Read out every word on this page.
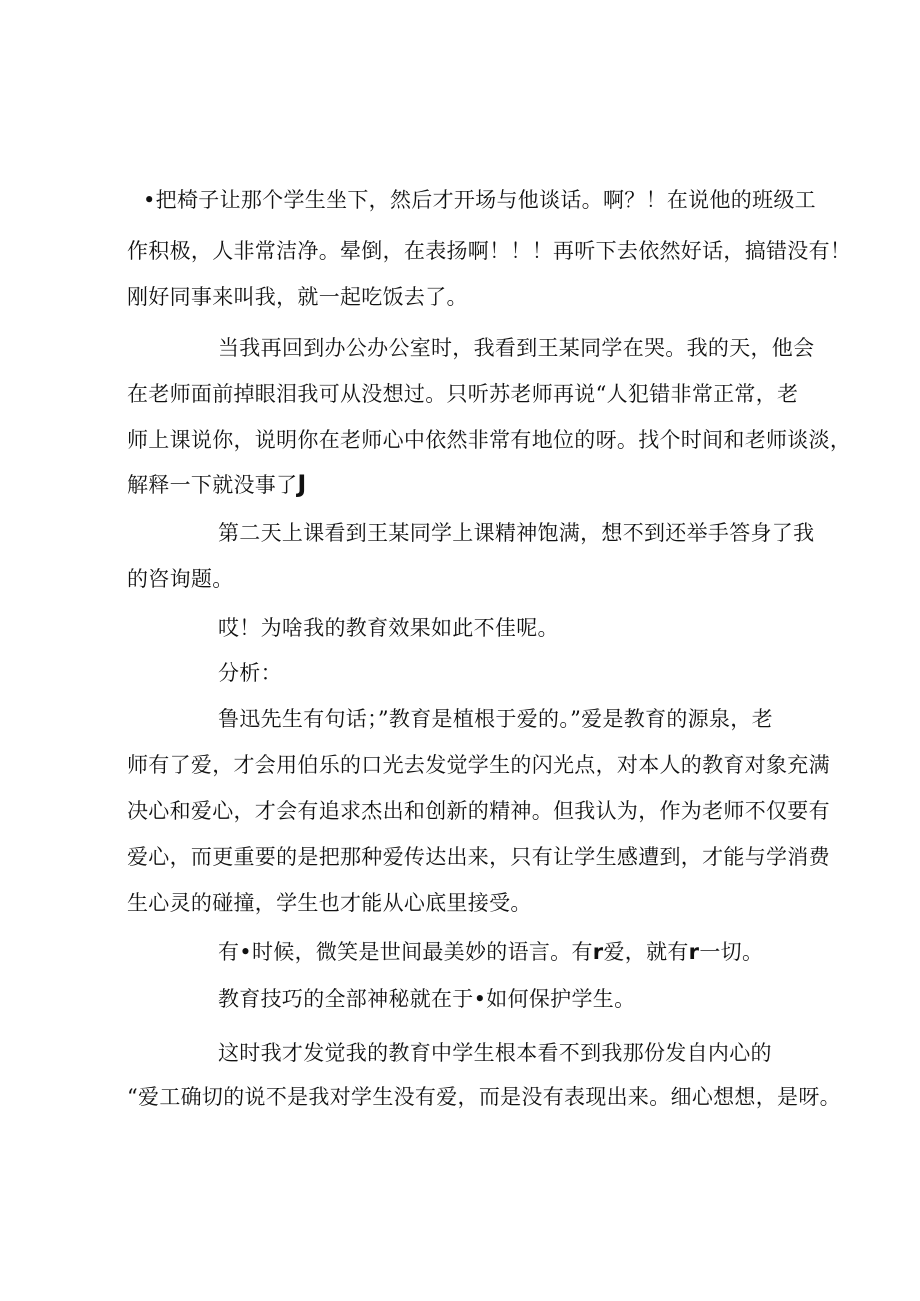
•把椅子让那个学生坐下，然后才开场与他谈话。啊？！在说他的班级工
作积极，人非常洁净。晕倒，在表扬啊！！！再听下去依然好话，搞错没有！
刚好同事来叫我，就一起吃饭去了。
当我再回到办公办公室时，我看到王某同学在哭。我的天，他会
在老师面前掉眼泪我可从没想过。只听苏老师再说“人犯错非常正常，老
师上课说你，说明你在老师心中依然非常有地位的呀。找个时间和老师谈淡，
解释一下就没事了J
第二天上课看到王某同学上课精神饱满，想不到还举手答身了我
的咨询题。
哎！为啥我的教育效果如此不佳呢。
分析：
鲁迅先生有句话；”教育是植根于爱的。”爱是教育的源泉，老
师有了爱，才会用伯乐的口光去发觉学生的闪光点，对本人的教育对象充满
决心和爱心，才会有追求杰出和创新的精神。但我认为，作为老师不仅要有
爱心，而更重要的是把那种爱传达出来，只有让学生感遭到，才能与学消费
生心灵的碰撞，学生也才能从心底里接受。
有•时候，微笑是世间最美妙的语言。有r爱，就有r一切。
教育技巧的全部神秘就在于•如何保护学生。
这时我才发觉我的教育中学生根本看不到我那份发自内心的
“爱工确切的说不是我对学生没有爱，而是没有表现出来。细心想想，是呀。
